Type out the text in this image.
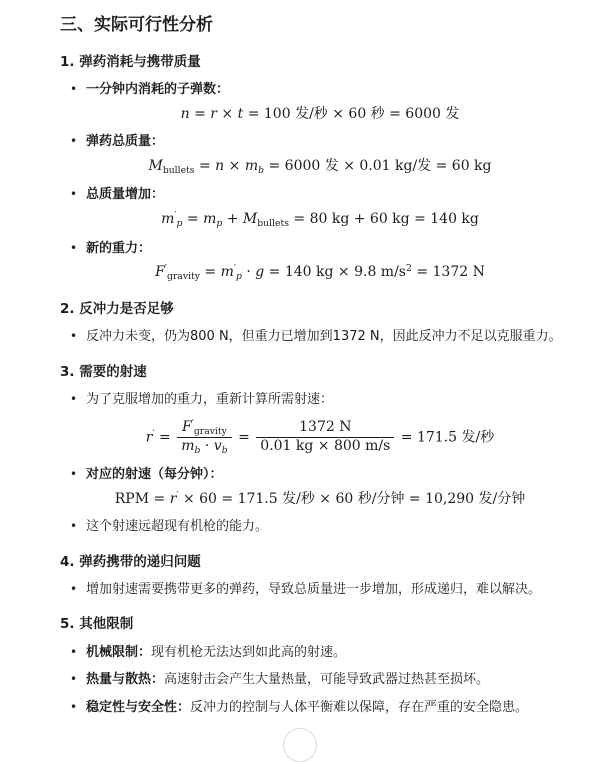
三、实际可行性分析
1. 弹药消耗与携带质量
• 一分钟内消耗的子弹数：
n = r × t = 100 发/秒 × 60 秒 = 6000 发
• 弹药总质量：
Mbullets = n × mb = 6000 发 × 0.01 kg/发 = 60 kg
• 总质量增加：
m′p = mp + Mbullets = 80 kg + 60 kg = 140 kg
• 新的重力：
F′gravity = m′p · g = 140 kg × 9.8 $m/s^2 = 1372$ N
2. 反冲力是否足够
• 反冲力未变，仍为800 N，但重力已增加到1372 N，因此反冲力不足以克服重力。
3. 需要的射速
• 为了克服增加的重力，重新计算所需射速：
$r' = \frac{F'gravity}{mb \cdot vb} = \frac{1372 N}{0.01 kg \times 800 m/s} = 171.5$ 发/秒
• 对应的射速（每分钟）：
RPM = r′ × 60 = 171.5 发/秒 × 60 秒/分钟 = 10,290 发/分钟
• 这个射速远超现有机枪的能力。
4. 弹药携带的递归问题
• 增加射速需要携带更多的弹药，导致总质量进一步增加，形成递归，难以解决。
5. 其他限制
• 机械限制：现有机枪无法达到如此高的射速。
• 热量与散热：高速射击会产生大量热量，可能导致武器过热甚至损坏。
• 稳定性与安全性：反冲力的控制与人体平衡难以保障，存在严重的安全隐患。
